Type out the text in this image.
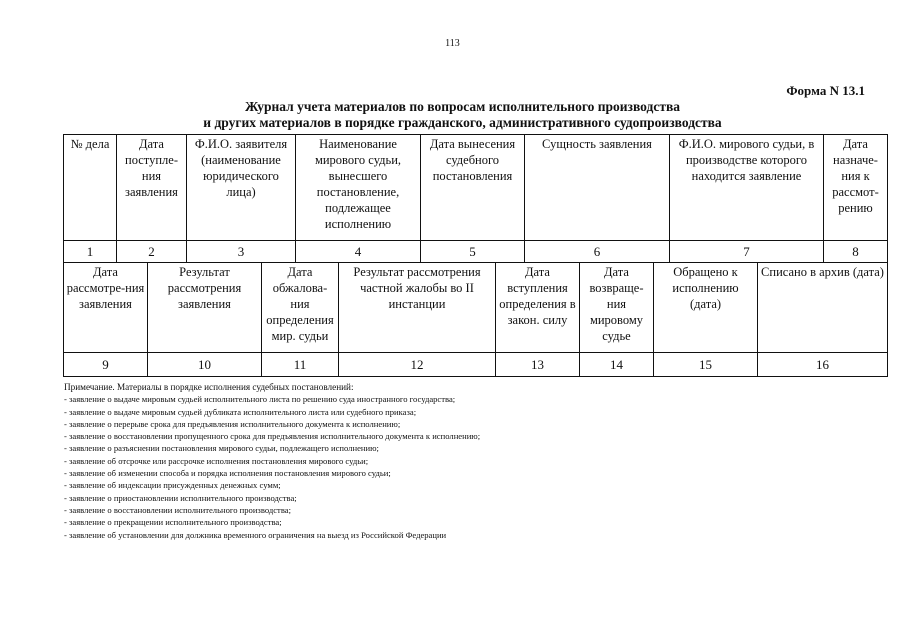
113
Форма N 13.1
Журнал учета материалов по вопросам исполнительного производства
и других материалов в порядке гражданского, административного судопроизводства
№ дела	Дата поступле-ния заявления	Ф.И.О. заявителя (наименование юридического лица)	Наименование мирового судьи, вынесшего постановление, подлежащее исполнению	Дата вынесения судебного постановления	Сущность заявления	Ф.И.О. мирового судьи, в производстве которого находится заявление	Дата назначе-ния к рассмот-рению
1	2	3	4	5	6	7	8
Дата рассмотре-ния заявления	Результат рассмотрения заявления	Дата обжалова-ния определения мир. судьи	Результат рассмотрения частной жалобы во II инстанции	Дата вступления определения в закон. силу	Дата возвраще-ния мировому судье	Обращено к исполнению (дата)	Списано в архив (дата)
9	10	11	12	13	14	15	16
Примечание. Материалы в порядке исполнения судебных постановлений:
- заявление о выдаче мировым судьей исполнительного листа по решению суда иностранного государства;
- заявление о выдаче мировым судьей дубликата исполнительного листа или судебного приказа;
- заявление о перерыве срока для предъявления исполнительного документа к исполнению;
- заявление о восстановлении пропущенного срока для предъявления исполнительного документа к исполнению;
- заявление о разъяснении постановления мирового судьи, подлежащего исполнению;
- заявление об отсрочке или рассрочке исполнения постановления мирового судьи;
- заявление об изменении способа и порядка исполнения постановления мирового судьи;
- заявление об индексации присужденных денежных сумм;
- заявление о приостановлении исполнительного производства;
- заявление о восстановлении исполнительного производства;
- заявление о прекращении исполнительного производства;
- заявление об установлении для должника временного ограничения на выезд из Российской Федерации
